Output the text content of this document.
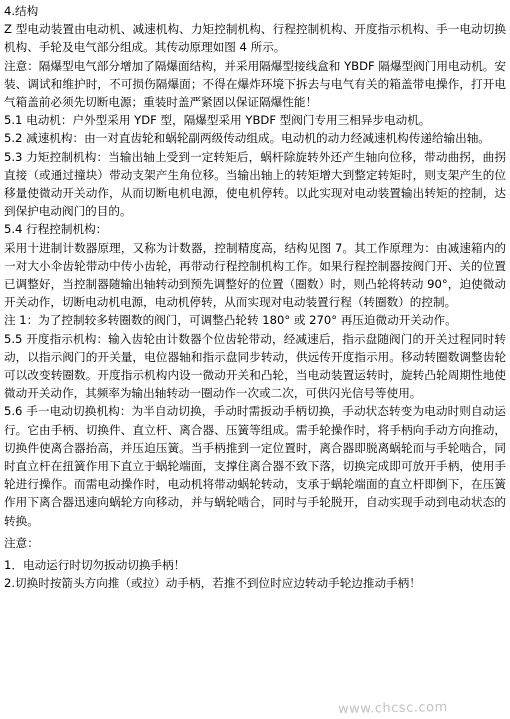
4.结构

Z 型电动装置由电动机、减速机构、力矩控制机构、行程控制机构、开度指示机构、手一电动切换机构、手轮及电气部分组成。其传动原理如图 4 所示。

注意：隔爆型电气部分增加了隔爆面结构，并采用隔爆型接线盒和 YBDF 隔爆型阀门用电动机。安装、调试和维护时，不可损伤隔爆面；不得在爆炸环境下拆去与电气有关的箱盖带电操作，打开电气箱盖前必须先切断电源；重装时盖严紧固以保证隔爆性能！

5.1 电动机：户外型采用 YDF 型，隔爆型采用 YBDF 型阀门专用三相异步电动机。

5.2 减速机构：由一对直齿轮和蜗轮副两级传动组成。电动机的动力经减速机构传递给输出轴。

5.3 力矩控制机构：当输出轴上受到一定转矩后，蜗杆除旋转外还产生轴向位移，带动曲拐，曲拐直接（或通过撞块）带动支架产生角位移。当输出轴上的转矩增大到整定转矩时，则支架产生的位移量使微动开关动作，从而切断电机电源，使电机停转。以此实现对电动装置输出转矩的控制，达到保护电动阀门的目的。

5.4 行程控制机构：

采用十进制计数器原理，又称为计数器，控制精度高，结构见图 7。其工作原理为：由减速箱内的一对大小伞齿轮带动中传小齿轮，再带动行程控制机构工作。如果行程控制器按阀门开、关的位置已调整好，当控制器随输出轴转动到预先调整好的位置（圈数）时，则凸轮将转动 90°，迫使微动开关动作，切断电动机电源，电动机停转，从而实现对电动装置行程（转圈数）的控制。

注 1：为了控制较多转圈数的阀门，可调整凸轮转 180° 或 270° 再压迫微动开关动作。

5.5 开度指示机构：输入齿轮由计数器个位齿轮带动，经减速后，指示盘随阀门的开关过程同时转动，以指示阀门的开关量，电位器轴和指示盘同步转动，供远传开度指示用。移动转圈数调整齿轮可以改变转圈数。开度指示机构内设一微动开关和凸轮，当电动装置运转时，旋转凸轮周期性地使微动开关动作，其频率为输出轴转动一圈动作一次或二次，可供闪光信号等使用。

5.6 手一电动切换机构：为半自动切换，手动时需扳动手柄切换，手动状态转变为电动时则自动运行。它由手柄、切换件、直立杆、离合器、压簧等组成。需手轮操作时，将手柄向手动方向推动，切换件使离合器抬高，并压迫压簧。当手柄推到一定位置时，离合器即脱离蜗轮而与手轮啮合，同时直立杆在扭簧作用下直立于蜗轮端面，支撑住离合器不致下落，切换完成即可放开手柄，使用手轮进行操作。而需电动操作时，电动机将带动蜗轮转动，支承于蜗轮端面的直立杆即倒下，在压簧作用下离合器迅速向蜗轮方向移动，并与蜗轮啮合，同时与手轮脱开，自动实现手动到电动状态的转换。

注意：

1．电动运行时切勿扳动切换手柄！

2.切换时按箭头方向推（或拉）动手柄，若推不到位时应边转动手轮边推动手柄！

www.chcsc.com
